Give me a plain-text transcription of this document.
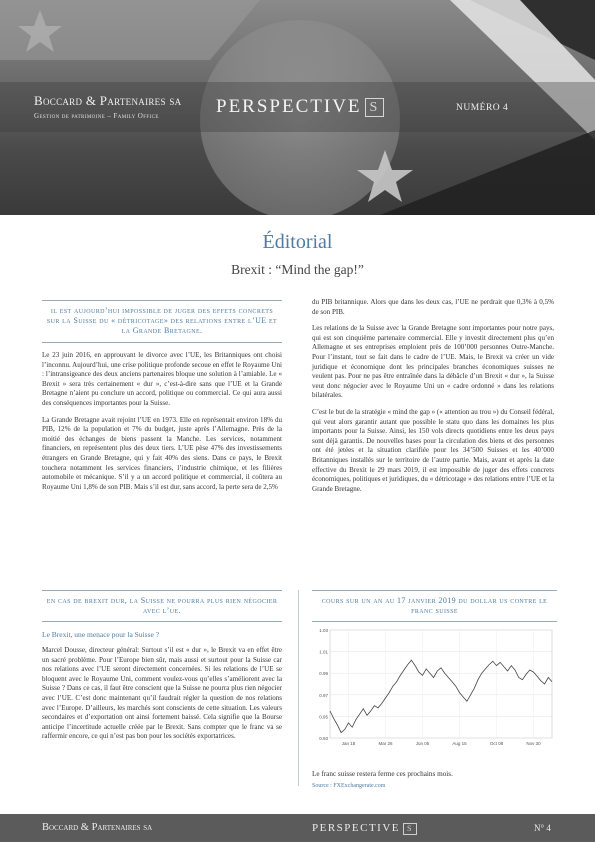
Boccard & Partenaires sa
Gestion de patrimoine – Family Office	PERSPECTIVE S	NUMÉRO 4
Éditorial
Brexit : “Mind the gap!”
il est aujourd’hui impossible de juger des effets concrets sur la Suisse du « détricotage» des relations entre l’UE et la Grande Bretagne.

Le 23 juin 2016, en approuvant le divorce avec l’UE, les Britanniques ont choisi l’inconnu. Aujourd’hui, une crise politique profonde secoue en effet le Royaume Uni : l’intransigeance des deux anciens partenaires bloque une solution à l’amiable. Le « Brexit » sera très certainement « dur », c’est-à-dire sans que l’UE et la Grande Bretagne n’aient pu conclure un accord, politique ou commercial. Ce qui aura aussi des conséquences importantes pour la Suisse.

La Grande Bretagne avait rejoint l’UE en 1973. Elle en représentait environ 18% du PIB, 12% de la population et 7% du budget, juste après l’Allemagne. Près de la moitié des échanges de biens passent la Manche. Les services, notamment financiers, en représentent plus des deux tiers. L’UE pèse 47% des investissements étrangers en Grande Bretagne, qui y fait 40% des siens. Dans ce pays, le Brexit touchera notamment les services financiers, l’industrie chimique, et les filières automobile et mécanique. S’il y a un accord politique et commercial, il coûtera au Royaume Uni 1,8% de son PIB. Mais s’il est dur, sans accord, la perte sera de 2,5%

du PIB britannique. Alors que dans les deux cas, l’UE ne perdrait que 0,3% à 0,5% de son PIB.

Les relations de la Suisse avec la Grande Bretagne sont importantes pour notre pays, qui est son cinquième partenaire commercial. Elle y investit directement plus qu’en Allemagne et ses entreprises emploient près de 100’000 personnes Outre-Manche. Pour l’instant, tout se fait dans le cadre de l’UE. Mais, le Brexit va créer un vide juridique et économique dont les principales branches économiques suisses ne veulent pas. Pour ne pas être entraînée dans la débâcle d’un Brexit « dur », la Suisse veut donc négocier avec le Royaume Uni un « cadre ordonné » dans les relations bilatérales.

C’est le but de la stratégie « mind the gap » (« attention au trou ») du Conseil fédéral, qui veut alors garantir autant que possible le statu quo dans les domaines les plus importants pour la Suisse. Ainsi, les 150 vols directs quotidiens entre les deux pays sont déjà garantis. De nouvelles bases pour la circulation des biens et des personnes ont été jetées et la situation clarifiée pour les 34’500 Suisses et les 40’000 Britanniques installés sur le territoire de l’autre partie. Mais, avant et après la date effective du Brexit le 29 mars 2019, il est impossible de juger des effets concrets économiques, politiques et juridiques, du « détricotage » des relations entre l’UE et la Grande Bretagne.

en cas de brexit dur, la Suisse ne pourra plus rien négocier avec l’ue.
Le Brexit, une menace pour la Suisse ?
Marcel Dousse, directeur général: Surtout s’il est « dur », le Brexit va en effet être un sacré problème. Pour l’Europe bien sûr, mais aussi et surtout pour la Suisse car nos relations avec l’UE seront directement concernées. Si les relations de l’UE se bloquent avec le Royaume Uni, comment voulez-vous qu’elles s’améliorent avec la Suisse ? Dans ce cas, il faut être conscient que la Suisse ne pourra plus rien négocier avec l’UE. C’est donc maintenant qu’il faudrait régler la question de nos relations avec l’Europe. D’ailleurs, les marchés sont conscients de cette situation. Les valeurs secondaires et d’exportation ont ainsi fortement baissé. Cela signifie que la Bourse anticipe l’incertitude actuelle créée par le Brexit. Sans compter que le franc va se raffermir encore, ce qui n’est pas bon pour les sociétés exportatrices.
cours sur un an au 17 janvier 2019 du dollar us contre le franc suisse
1.03
1.01
0.99
0.97
0.95
0.93
Jan 18	Mar 26	Jun 05	Aug 15	Oct 08	Nov 30
Le franc suisse restera ferme ces prochains mois.
Source : FXExchangerate.com
Boccard & Partenaires sa	PERSPECTIVE S	N° 4
